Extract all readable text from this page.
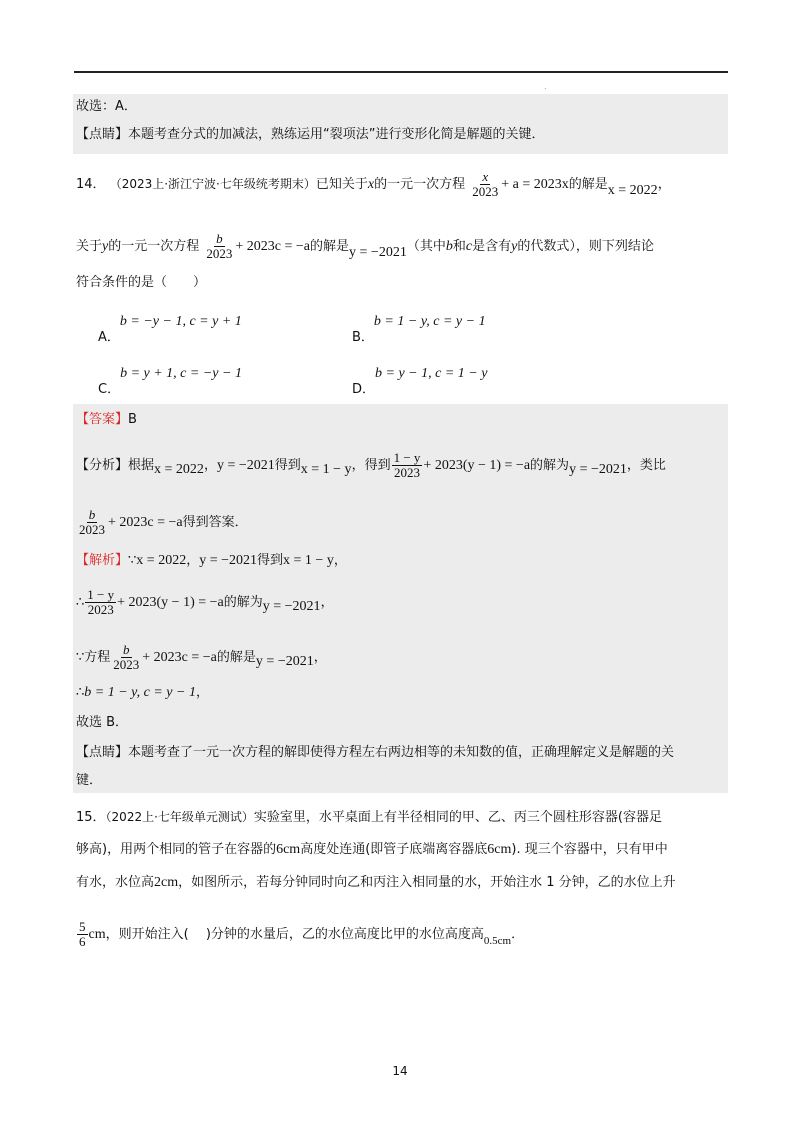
.
故选：A．
【点睛】本题考查分式的加减法，熟练运用“裂项法”进行变形化简是解题的关键．
14． （2023上·浙江宁波·七年级统考期末）已知关于x的一元一次方程 $\frac{x}{2023} + a = 2023x$的解是x = 2022，
关于y的一元一次方程 $\frac{b}{2023} + 2023c = -a$的解是y = −2021（其中b和c是含有y的代数式），则下列结论
符合条件的是（　　）
A．b = −y − 1, c = y + 1
B．b = 1 − y, c = y − 1
C．b = y + 1, c = −y − 1
D．b = y − 1, c = 1 − y
【答案】B
【分析】根据x = 2022，y = −2021得到x = 1 − y，得到 $\frac{1 - y}{2023} + 2023(y - 1) = -a$的解为y = −2021，类比
$\frac{b}{2023} + 2023c = -a$得到答案．
【解析】∵x = 2022，y = −2021得到x = 1 − y，
∴ $\frac{1 - y}{2023} + 2023(y - 1) = -a$的解为y = −2021，
∵方程 $\frac{b}{2023} + 2023c = -a$的解是y = −2021，
∴b = 1 − y, c = y − 1，
故选 B．
【点睛】本题考查了一元一次方程的解即使得方程左右两边相等的未知数的值，正确理解定义是解题的关
键．
15．（2022上·七年级单元测试）实验室里，水平桌面上有半径相同的甲、乙、丙三个圆柱形容器(容器足
够高)，用两个相同的管子在容器的6cm高度处连通(即管子底端离容器底6cm). 现三个容器中，只有甲中
有水，水位高2cm，如图所示，若每分钟同时向乙和丙注入相同量的水，开始注水 1 分钟，乙的水位上升
$\frac{5}{6}$ cm，则开始注入(　 )分钟的水量后，乙的水位高度比甲的水位高度高$_{0.5cm}$．
14
